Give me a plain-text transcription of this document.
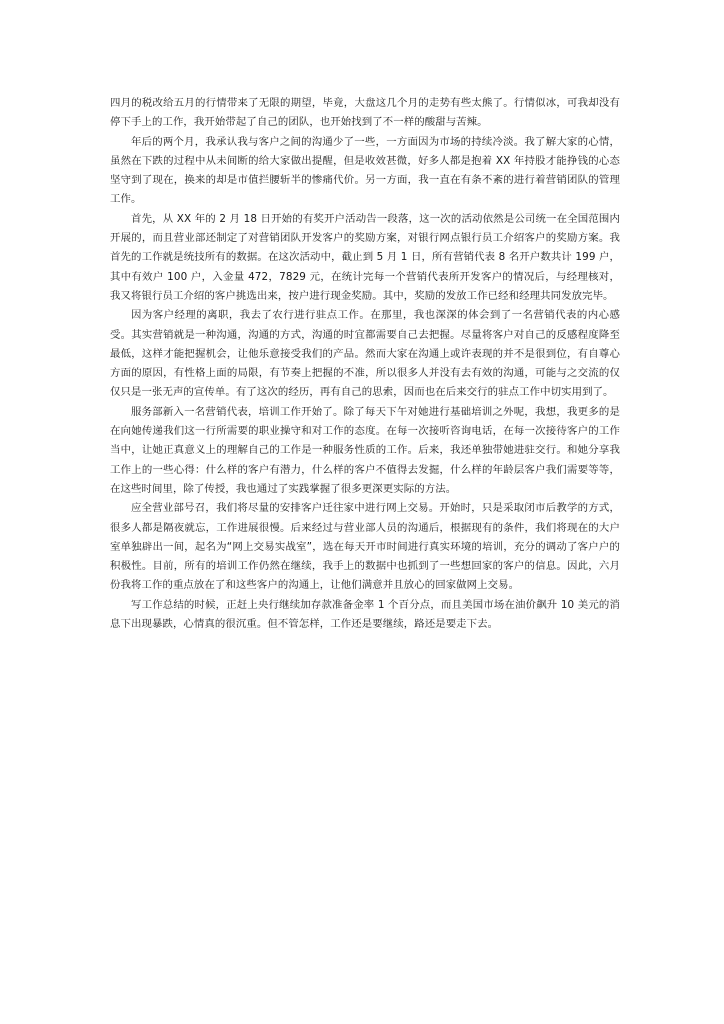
四月的税改给五月的行情带来了无限的期望，毕竟，大盘这几个月的走势有些太熊了。行情似冰，可我却没有停下手上的工作，我开始带起了自己的团队，也开始找到了不一样的酸甜与苦辣。

年后的两个月，我承认我与客户之间的沟通少了一些，一方面因为市场的持续冷淡。我了解大家的心情，虽然在下跌的过程中从未间断的给大家做出提醒，但是收效甚微，好多人都是抱着 XX 年持股才能挣钱的心态坚守到了现在，换来的却是市值拦腰斩半的惨痛代价。另一方面，我一直在有条不紊的进行着营销团队的管理工作。

首先，从 XX 年的 2 月 18 日开始的有奖开户活动告一段落，这一次的活动依然是公司统一在全国范围内开展的，而且营业部还制定了对营销团队开发客户的奖励方案，对银行网点银行员工介绍客户的奖励方案。我首先的工作就是统技所有的数据。在这次活动中，截止到 5 月 1 日，所有营销代表 8 名开户数共计 199 户，其中有效户 100 户，入金量 472，7829 元，在统计完每一个营销代表所开发客户的情况后，与经理核对，我又将银行员工介绍的客户挑选出来，按户进行现金奖励。其中，奖励的发放工作已经和经理共同发放完毕。

因为客户经理的离职，我去了农行进行驻点工作。在那里，我也深深的体会到了一名营销代表的内心感受。其实营销就是一种沟通，沟通的方式，沟通的时宜都需要自己去把握。尽量将客户对自己的反感程度降至最低，这样才能把握机会，让他乐意接受我们的产品。然而大家在沟通上或许表现的并不是很到位，有自尊心方面的原因，有性格上面的局限，有节奏上把握的不准，所以很多人并没有去有效的沟通，可能与之交流的仅仅只是一张无声的宣传单。有了这次的经历，再有自己的思索，因而也在后来交行的驻点工作中切实用到了。

服务部新入一名营销代表，培训工作开始了。除了每天下午对她进行基础培训之外呢，我想，我更多的是在向她传递我们这一行所需要的职业操守和对工作的态度。在每一次接听咨询电话，在每一次接待客户的工作当中，让她正真意义上的理解自己的工作是一种服务性质的工作。后来，我还单独带她进驻交行。和她分享我工作上的一些心得：什么样的客户有潜力，什么样的客户不值得去发掘，什么样的年龄层客户我们需要等等，在这些时间里，除了传授，我也通过了实践掌握了很多更深更实际的方法。

应全营业部号召，我们将尽量的安排客户迁往家中进行网上交易。开始时，只是采取闭市后教学的方式，很多人都是隔夜就忘，工作进展很慢。后来经过与营业部人员的沟通后，根据现有的条件，我们将现在的大户室单独辟出一间，起名为“网上交易实战室”，选在每天开市时间进行真实环境的培训，充分的调动了客户户的积极性。目前，所有的培训工作仍然在继续，我手上的数据中也抓到了一些想回家的客户的信息。因此，六月份我将工作的重点放在了和这些客户的沟通上，让他们满意并且放心的回家做网上交易。

写工作总结的时候，正赶上央行继续加存款准备金率 1 个百分点，而且美国市场在油价飙升 10 美元的消息下出现暴跌，心情真的很沉重。但不管怎样，工作还是要继续，路还是要走下去。
